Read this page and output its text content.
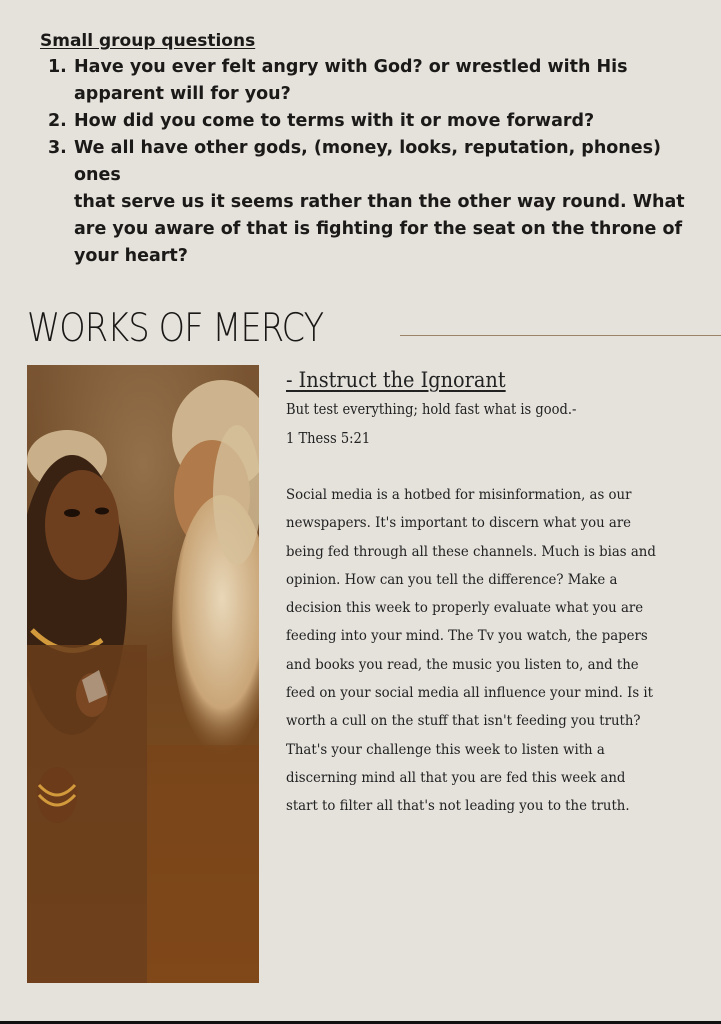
Small group questions
1. Have you ever felt angry with God? or wrestled with His
apparent will for you?
2. How did you come to terms with it or move forward?
3. We all have other gods, (money, looks, reputation, phones) ones
that serve us it seems rather than the other way round. What
are you aware of that is fighting for the seat on the throne of
your heart?
WORKS OF MERCY
- Instruct the Ignorant
But test everything; hold fast what is good.-
1 Thess 5:21
Social media is a hotbed for misinformation, as our
newspapers. It's important to discern what you are
being fed through all these channels. Much is bias and
opinion. How can you tell the difference? Make a
decision this week to properly evaluate what you are
feeding into your mind. The Tv you watch, the papers
and books you read, the music you listen to, and the
feed on your social media all influence your mind. Is it
worth a cull on the stuff that isn't feeding you truth?
That's your challenge this week to listen with a
discerning mind all that you are fed this week and
start to filter all that's not leading you to the truth.
